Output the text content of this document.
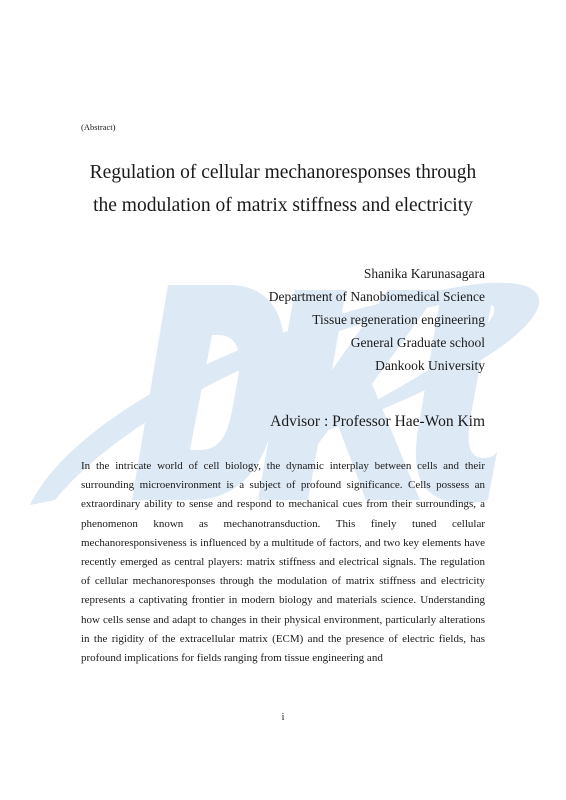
(Abstract)
Regulation of cellular mechanoresponses through
the modulation of matrix stiffness and electricity
Shanika Karunasagara
Department of Nanobiomedical Science
Tissue regeneration engineering
General Graduate school
Dankook University
Advisor : Professor Hae-Won Kim

In the intricate world of cell biology, the dynamic interplay between cells and their surrounding microenvironment is a subject of profound significance. Cells possess an extraordinary ability to sense and respond to mechanical cues from their surroundings, a phenomenon known as mechanotransduction. This finely tuned cellular mechanoresponsiveness is influenced by a multitude of factors, and two key elements have recently emerged as central players: matrix stiffness and electrical signals. The regulation of cellular mechanoresponses through the modulation of matrix stiffness and electricity represents a captivating frontier in modern biology and materials science. Understanding how cells sense and adapt to changes in their physical environment, particularly alterations in the rigidity of the extracellular matrix (ECM) and the presence of electric fields, has profound implications for fields ranging from tissue engineering and

i
